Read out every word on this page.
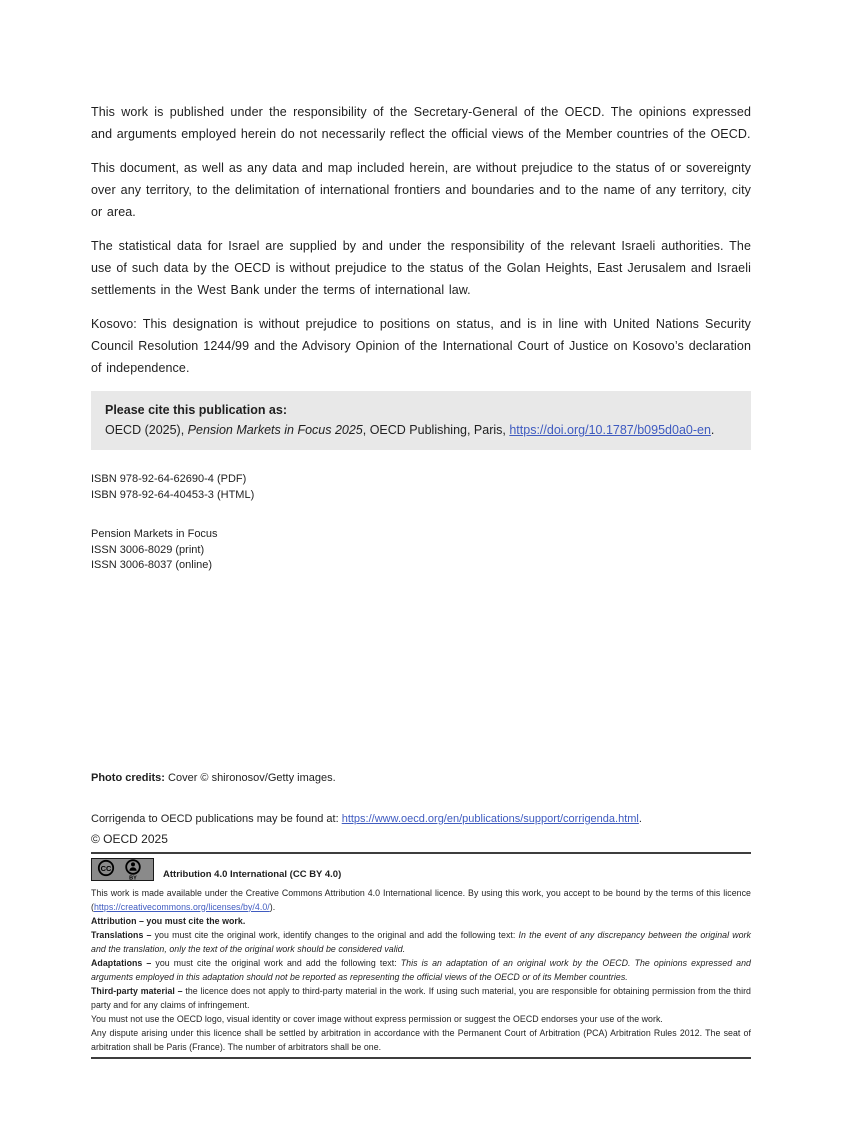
This work is published under the responsibility of the Secretary-General of the OECD. The opinions expressed and arguments employed herein do not necessarily reflect the official views of the Member countries of the OECD.

This document, as well as any data and map included herein, are without prejudice to the status of or sovereignty over any territory, to the delimitation of international frontiers and boundaries and to the name of any territory, city or area.

The statistical data for Israel are supplied by and under the responsibility of the relevant Israeli authorities. The use of such data by the OECD is without prejudice to the status of the Golan Heights, East Jerusalem and Israeli settlements in the West Bank under the terms of international law.

Kosovo: This designation is without prejudice to positions on status, and is in line with United Nations Security Council Resolution 1244/99 and the Advisory Opinion of the International Court of Justice on Kosovo’s declaration of independence.

Please cite this publication as:
OECD (2025), Pension Markets in Focus 2025, OECD Publishing, Paris, https://doi.org/10.1787/b095d0a0-en.
ISBN 978-92-64-62690-4 (PDF)
ISBN 978-92-64-40453-3 (HTML)
Pension Markets in Focus
ISSN 3006-8029 (print)
ISSN 3006-8037 (online)
Photo credits: Cover © shironosov/Getty images.
Corrigenda to OECD publications may be found at: https://www.oecd.org/en/publications/support/corrigenda.html.
© OECD 2025
CC
BY	Attribution 4.0 International (CC BY 4.0)

This work is made available under the Creative Commons Attribution 4.0 International licence. By using this work, you accept to be bound by the terms of this licence (https://creativecommons.org/licenses/by/4.0/).

Attribution – you must cite the work.

Translations – you must cite the original work, identify changes to the original and add the following text: In the event of any discrepancy between the original work and the translation, only the text of the original work should be considered valid.

Adaptations – you must cite the original work and add the following text: This is an adaptation of an original work by the OECD. The opinions expressed and arguments employed in this adaptation should not be reported as representing the official views of the OECD or of its Member countries.

Third-party material – the licence does not apply to third-party material in the work. If using such material, you are responsible for obtaining permission from the third party and for any claims of infringement.

You must not use the OECD logo, visual identity or cover image without express permission or suggest the OECD endorses your use of the work.

Any dispute arising under this licence shall be settled by arbitration in accordance with the Permanent Court of Arbitration (PCA) Arbitration Rules 2012. The seat of arbitration shall be Paris (France). The number of arbitrators shall be one.
